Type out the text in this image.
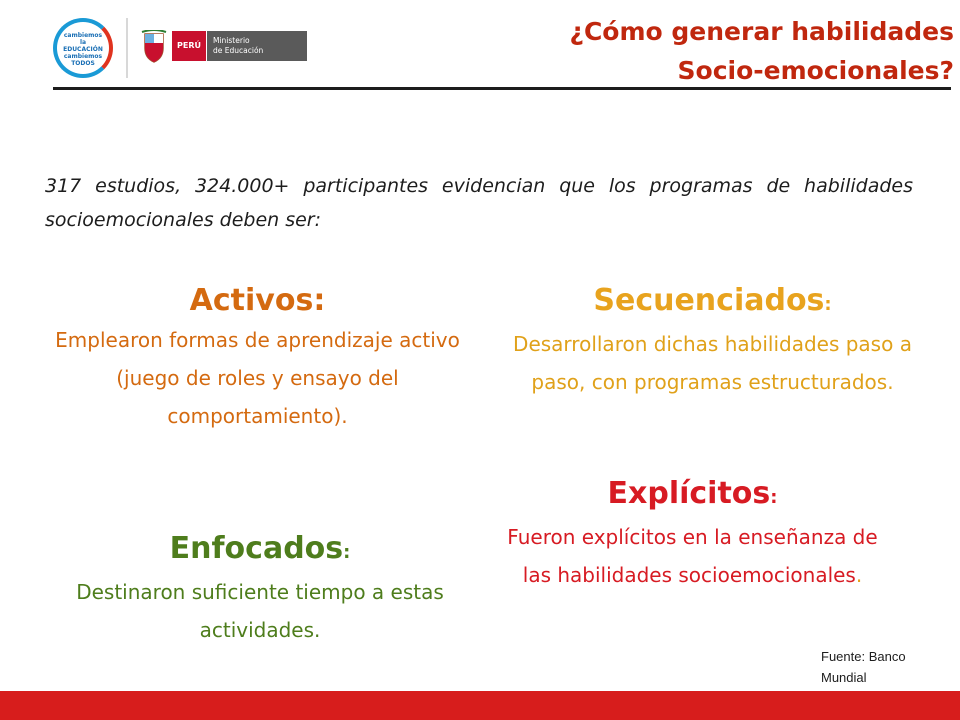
cambiemos la EDUCACIÓN cambiemos TODOS
PERÚ
Ministerio
de Educación
¿Cómo generar habilidades
Socio-emocionales?
317 estudios, 324.000+ participantes evidencian que los programas de habilidades socioemocionales deben ser:
Activos:
Emplearon formas de aprendizaje activo (juego de roles y ensayo del comportamiento).
Enfocados:
Destinaron suficiente tiempo a estas actividades.
Secuenciados:
Desarrollaron dichas habilidades paso a paso, con programas estructurados.
Explícitos:
Fueron explícitos en la enseñanza de las habilidades socioemocionales.
Fuente: Banco Mundial
